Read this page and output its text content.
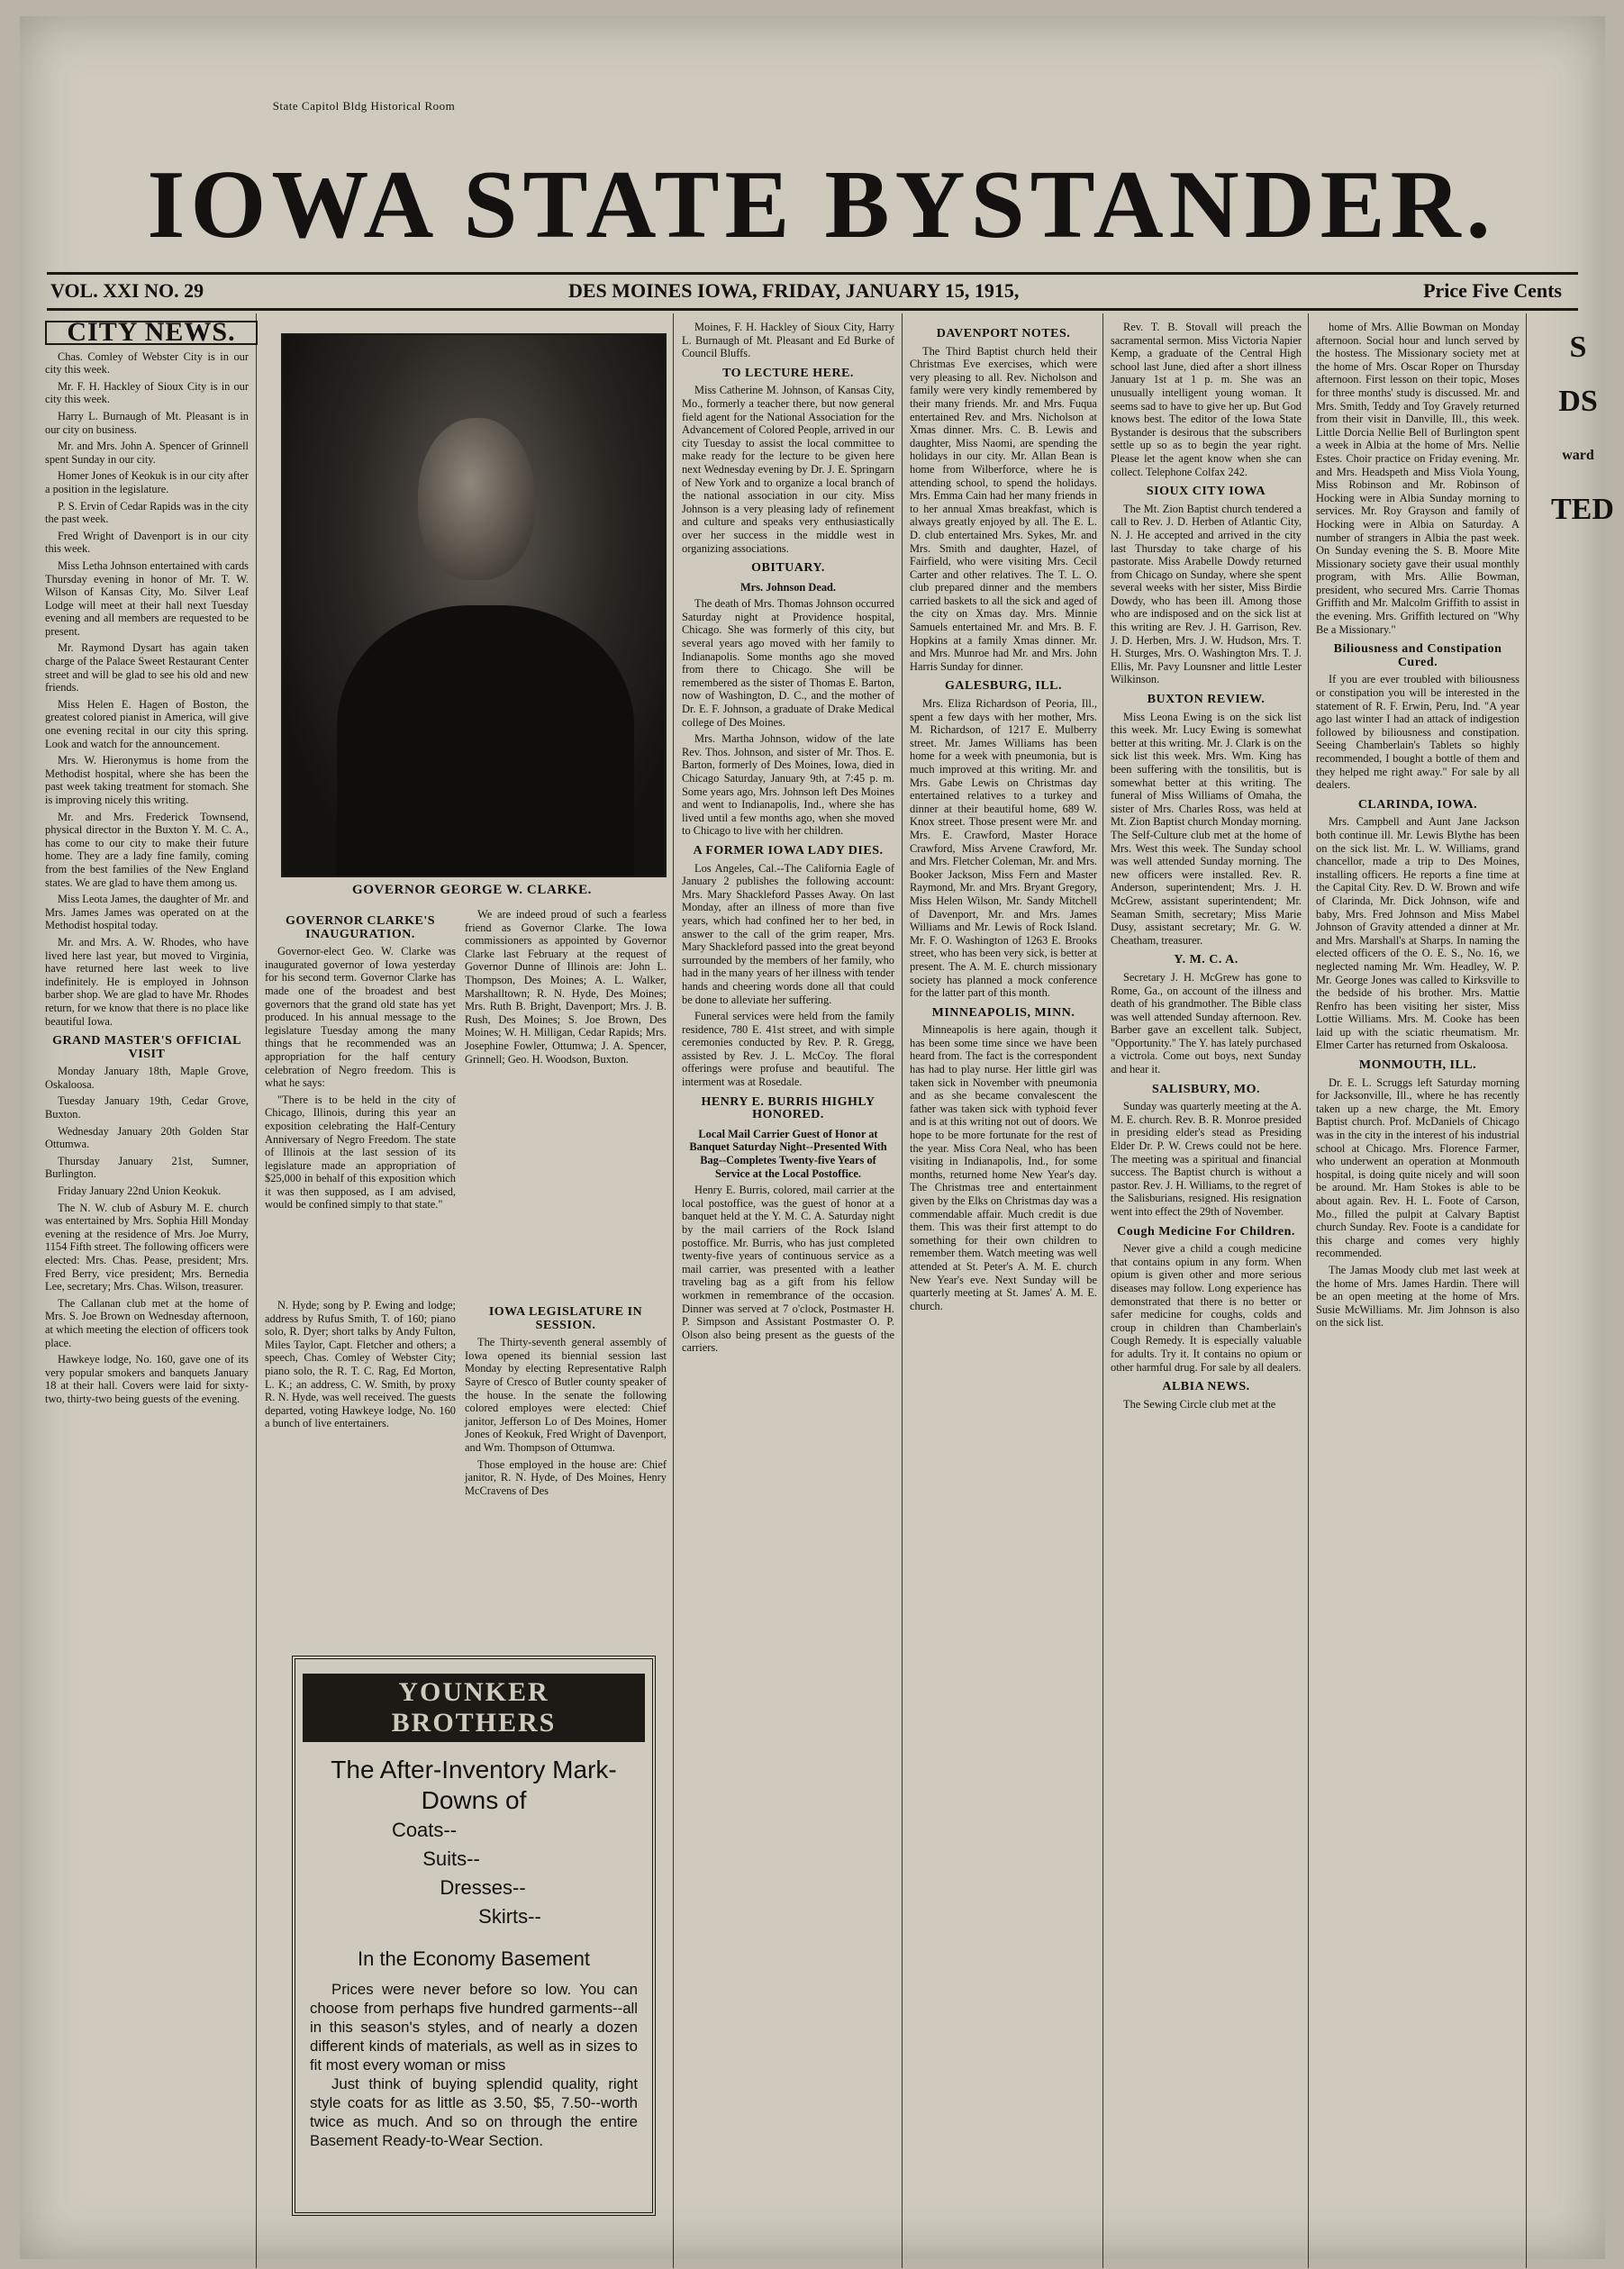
State Capitol Bldg Historical Room
IOWA STATE BYSTANDER.
VOL. XXI NO. 29	DES MOINES IOWA, FRIDAY, JANUARY 15, 1915,	Price Five Cents
CITY NEWS.

Chas. Comley of Webster City is in our city this week.

Mr. F. H. Hackley of Sioux City is in our city this week.

Harry L. Burnaugh of Mt. Pleasant is in our city on business.

Mr. and Mrs. John A. Spencer of Grinnell spent Sunday in our city.

Homer Jones of Keokuk is in our city after a position in the legislature.

P. S. Ervin of Cedar Rapids was in the city the past week.

Fred Wright of Davenport is in our city this week.

Miss Letha Johnson entertained with cards Thursday evening in honor of Mr. T. W. Wilson of Kansas City, Mo. Silver Leaf Lodge will meet at their hall next Tuesday evening and all members are requested to be present.

Mr. Raymond Dysart has again taken charge of the Palace Sweet Restaurant Center street and will be glad to see his old and new friends.

Miss Helen E. Hagen of Boston, the greatest colored pianist in America, will give one evening recital in our city this spring. Look and watch for the announcement.

Mrs. W. Hieronymus is home from the Methodist hospital, where she has been the past week taking treatment for stomach. She is improving nicely this writing.

Mr. and Mrs. Frederick Townsend, physical director in the Buxton Y. M. C. A., has come to our city to make their future home. They are a lady fine family, coming from the best families of the New England states. We are glad to have them among us.

Miss Leota James, the daughter of Mr. and Mrs. James James was operated on at the Methodist hospital today.

Mr. and Mrs. A. W. Rhodes, who have lived here last year, but moved to Virginia, have returned here last week to live indefinitely. He is employed in Johnson barber shop. We are glad to have Mr. Rhodes return, for we know that there is no place like beautiful Iowa.

GRAND MASTER'S OFFICIAL VISIT

Monday January 18th, Maple Grove, Oskaloosa.

Tuesday January 19th, Cedar Grove, Buxton.

Wednesday January 20th Golden Star Ottumwa.

Thursday January 21st, Sumner, Burlington.

Friday January 22nd Union Keokuk.

The N. W. club of Asbury M. E. church was entertained by Mrs. Sophia Hill Monday evening at the residence of Mrs. Joe Murry, 1154 Fifth street. The following officers were elected: Mrs. Chas. Pease, president; Mrs. Fred Berry, vice president; Mrs. Bernedia Lee, secretary; Mrs. Chas. Wilson, treasurer.

The Callanan club met at the home of Mrs. S. Joe Brown on Wednesday afternoon, at which meeting the election of officers took place.

Hawkeye lodge, No. 160, gave one of its very popular smokers and banquets January 18 at their hall. Covers were laid for sixty-two, thirty-two being guests of the evening.

GOVERNOR GEORGE W. CLARKE.

GOVERNOR CLARKE'S INAUGURATION.

Governor-elect Geo. W. Clarke was inaugurated governor of Iowa yesterday for his second term. Governor Clarke has made one of the broadest and best governors that the grand old state has yet produced. In his annual message to the legislature Tuesday among the many things that he recommended was an appropriation for the half century celebration of Negro freedom. This is what he says:

"There is to be held in the city of Chicago, Illinois, during this year an exposition celebrating the Half-Century Anniversary of Negro Freedom. The state of Illinois at the last session of its legislature made an appropriation of $25,000 in behalf of this exposition which it was then supposed, as I am advised, would be confined simply to that state."

N. Hyde; song by P. Ewing and lodge; address by Rufus Smith, T. of 160; piano solo, R. Dyer; short talks by Andy Fulton, Miles Taylor, Capt. Fletcher and others; a speech, Chas. Comley of Webster City; piano solo, the R. T. C. Rag, Ed Morton, L. K.; an address, C. W. Smith, by proxy R. N. Hyde, was well received. The guests departed, voting Hawkeye lodge, No. 160 a bunch of live entertainers.

We are indeed proud of such a fearless friend as Governor Clarke. The Iowa commissioners as appointed by Governor Clarke last February at the request of Governor Dunne of Illinois are: John L. Thompson, Des Moines; A. L. Walker, Marshalltown; R. N. Hyde, Des Moines; Mrs. Ruth B. Bright, Davenport; Mrs. J. B. Rush, Des Moines; S. Joe Brown, Des Moines; W. H. Milligan, Cedar Rapids; Mrs. Josephine Fowler, Ottumwa; J. A. Spencer, Grinnell; Geo. H. Woodson, Buxton.

IOWA LEGISLATURE IN SESSION.

The Thirty-seventh general assembly of Iowa opened its biennial session last Monday by electing Representative Ralph Sayre of Cresco of Butler county speaker of the house. In the senate the following colored employes were elected: Chief janitor, Jefferson Lo of Des Moines, Homer Jones of Keokuk, Fred Wright of Davenport, and Wm. Thompson of Ottumwa.

Those employed in the house are: Chief janitor, R. N. Hyde, of Des Moines, Henry McCravens of Des

YOUNKER BROTHERS
The After-Inventory Mark-Downs of
Coats--
Suits--
Dresses--
Skirts--
In the Economy Basement

Prices were never before so low. You can choose from perhaps five hundred garments--all in this season's styles, and of nearly a dozen different kinds of materials, as well as in sizes to fit most every woman or miss

Just think of buying splendid quality, right style coats for as little as 3.50, $5, 7.50--worth twice as much. And so on through the entire Basement Ready-to-Wear Section.

Moines, F. H. Hackley of Sioux City, Harry L. Burnaugh of Mt. Pleasant and Ed Burke of Council Bluffs.

TO LECTURE HERE.

Miss Catherine M. Johnson, of Kansas City, Mo., formerly a teacher there, but now general field agent for the National Association for the Advancement of Colored People, arrived in our city Tuesday to assist the local committee to make ready for the lecture to be given here next Wednesday evening by Dr. J. E. Springarn of New York and to organize a local branch of the national association in our city. Miss Johnson is a very pleasing lady of refinement and culture and speaks very enthusiastically over her success in the middle west in organizing associations.

OBITUARY.

Mrs. Johnson Dead.

The death of Mrs. Thomas Johnson occurred Saturday night at Providence hospital, Chicago. She was formerly of this city, but several years ago moved with her family to Indianapolis. Some months ago she moved from there to Chicago. She will be remembered as the sister of Thomas E. Barton, now of Washington, D. C., and the mother of Dr. E. F. Johnson, a graduate of Drake Medical college of Des Moines.

Mrs. Martha Johnson, widow of the late Rev. Thos. Johnson, and sister of Mr. Thos. E. Barton, formerly of Des Moines, Iowa, died in Chicago Saturday, January 9th, at 7:45 p. m. Some years ago, Mrs. Johnson left Des Moines and went to Indianapolis, Ind., where she has lived until a few months ago, when she moved to Chicago to live with her children.

A FORMER IOWA LADY DIES.

Los Angeles, Cal.--The California Eagle of January 2 publishes the following account: Mrs. Mary Shackleford Passes Away. On last Monday, after an illness of more than five years, which had confined her to her bed, in answer to the call of the grim reaper, Mrs. Mary Shackleford passed into the great beyond surrounded by the members of her family, who had in the many years of her illness with tender hands and cheering words done all that could be done to alleviate her suffering.

Funeral services were held from the family residence, 780 E. 41st street, and with simple ceremonies conducted by Rev. P. R. Gregg, assisted by Rev. J. L. McCoy. The floral offerings were profuse and beautiful. The interment was at Rosedale.

HENRY E. BURRIS HIGHLY HONORED.

Local Mail Carrier Guest of Honor at Banquet Saturday Night--Presented With Bag--Completes Twenty-five Years of Service at the Local Postoffice.

Henry E. Burris, colored, mail carrier at the local postoffice, was the guest of honor at a banquet held at the Y. M. C. A. Saturday night by the mail carriers of the Rock Island postoffice. Mr. Burris, who has just completed twenty-five years of continuous service as a mail carrier, was presented with a leather traveling bag as a gift from his fellow workmen in remembrance of the occasion. Dinner was served at 7 o'clock, Postmaster H. P. Simpson and Assistant Postmaster O. P. Olson also being present as the guests of the carriers.

DAVENPORT NOTES.

The Third Baptist church held their Christmas Eve exercises, which were very pleasing to all. Rev. Nicholson and family were very kindly remembered by their many friends. Mr. and Mrs. Fuqua entertained Rev. and Mrs. Nicholson at Xmas dinner. Mrs. C. B. Lewis and daughter, Miss Naomi, are spending the holidays in our city. Mr. Allan Bean is home from Wilberforce, where he is attending school, to spend the holidays. Mrs. Emma Cain had her many friends in to her annual Xmas breakfast, which is always greatly enjoyed by all. The E. L. D. club entertained Mrs. Sykes, Mr. and Mrs. Smith and daughter, Hazel, of Fairfield, who were visiting Mrs. Cecil Carter and other relatives. The T. L. O. club prepared dinner and the members carried baskets to all the sick and aged of the city on Xmas day. Mrs. Minnie Samuels entertained Mr. and Mrs. B. F. Hopkins at a family Xmas dinner. Mr. and Mrs. Munroe had Mr. and Mrs. John Harris Sunday for dinner.

GALESBURG, ILL.

Mrs. Eliza Richardson of Peoria, Ill., spent a few days with her mother, Mrs. M. Richardson, of 1217 E. Mulberry street. Mr. James Williams has been home for a week with pneumonia, but is much improved at this writing. Mr. and Mrs. Gabe Lewis on Christmas day entertained relatives to a turkey and dinner at their beautiful home, 689 W. Knox street. Those present were Mr. and Mrs. E. Crawford, Master Horace Crawford, Miss Arvene Crawford, Mr. and Mrs. Fletcher Coleman, Mr. and Mrs. Booker Jackson, Miss Fern and Master Raymond, Mr. and Mrs. Bryant Gregory, Miss Helen Wilson, Mr. Sandy Mitchell of Davenport, Mr. and Mrs. James Williams and Mr. Lewis of Rock Island. Mr. F. O. Washington of 1263 E. Brooks street, who has been very sick, is better at present. The A. M. E. church missionary society has planned a mock conference for the latter part of this month.

MINNEAPOLIS, MINN.

Minneapolis is here again, though it has been some time since we have been heard from. The fact is the correspondent has had to play nurse. Her little girl was taken sick in November with pneumonia and as she became convalescent the father was taken sick with typhoid fever and is at this writing not out of doors. We hope to be more fortunate for the rest of the year. Miss Cora Neal, who has been visiting in Indianapolis, Ind., for some months, returned home New Year's day. The Christmas tree and entertainment given by the Elks on Christmas day was a commendable affair. Much credit is due them. This was their first attempt to do something for their own children to remember them. Watch meeting was well attended at St. Peter's A. M. E. church New Year's eve. Next Sunday will be quarterly meeting at St. James' A. M. E. church.

Rev. T. B. Stovall will preach the sacramental sermon. Miss Victoria Napier Kemp, a graduate of the Central High school last June, died after a short illness January 1st at 1 p. m. She was an unusually intelligent young woman. It seems sad to have to give her up. But God knows best. The editor of the Iowa State Bystander is desirous that the subscribers settle up so as to begin the year right. Please let the agent know when she can collect. Telephone Colfax 242.

SIOUX CITY IOWA

The Mt. Zion Baptist church tendered a call to Rev. J. D. Herben of Atlantic City, N. J. He accepted and arrived in the city last Thursday to take charge of his pastorate. Miss Arabelle Dowdy returned from Chicago on Sunday, where she spent several weeks with her sister, Miss Birdie Dowdy, who has been ill. Among those who are indisposed and on the sick list at this writing are Rev. J. H. Garrison, Rev. J. D. Herben, Mrs. J. W. Hudson, Mrs. T. H. Sturges, Mrs. O. Washington Mrs. T. J. Ellis, Mr. Pavy Lounsner and little Lester Wilkinson.

BUXTON REVIEW.

Miss Leona Ewing is on the sick list this week. Mr. Lucy Ewing is somewhat better at this writing. Mr. J. Clark is on the sick list this week. Mrs. Wm. King has been suffering with the tonsilitis, but is somewhat better at this writing. The funeral of Miss Williams of Omaha, the sister of Mrs. Charles Ross, was held at Mt. Zion Baptist church Monday morning. The Self-Culture club met at the home of Mrs. West this week. The Sunday school was well attended Sunday morning. The new officers were installed. Rev. R. Anderson, superintendent; Mrs. J. H. McGrew, assistant superintendent; Mr. Seaman Smith, secretary; Miss Marie Dusy, assistant secretary; Mr. G. W. Cheatham, treasurer.

Y. M. C. A.

Secretary J. H. McGrew has gone to Rome, Ga., on account of the illness and death of his grandmother. The Bible class was well attended Sunday afternoon. Rev. Barber gave an excellent talk. Subject, "Opportunity." The Y. has lately purchased a victrola. Come out boys, next Sunday and hear it.

SALISBURY, MO.

Sunday was quarterly meeting at the A. M. E. church. Rev. B. R. Monroe presided in presiding elder's stead as Presiding Elder Dr. P. W. Crews could not be here. The meeting was a spiritual and financial success. The Baptist church is without a pastor. Rev. J. H. Williams, to the regret of the Salisburians, resigned. His resignation went into effect the 29th of November.

Cough Medicine For Children.

Never give a child a cough medicine that contains opium in any form. When opium is given other and more serious diseases may follow. Long experience has demonstrated that there is no better or safer medicine for coughs, colds and croup in children than Chamberlain's Cough Remedy. It is especially valuable for adults. Try it. It contains no opium or other harmful drug. For sale by all dealers.

ALBIA NEWS.

The Sewing Circle club met at the

home of Mrs. Allie Bowman on Monday afternoon. Social hour and lunch served by the hostess. The Missionary society met at the home of Mrs. Oscar Roper on Thursday afternoon. First lesson on their topic, Moses for three months' study is discussed. Mr. and Mrs. Smith, Teddy and Toy Gravely returned from their visit in Danville, Ill., this week. Little Dorcia Nellie Bell of Burlington spent a week in Albia at the home of Mrs. Nellie Estes. Choir practice on Friday evening. Mr. and Mrs. Headspeth and Miss Viola Young, Miss Robinson and Mr. Robinson of Hocking were in Albia Sunday morning to services. Mr. Roy Grayson and family of Hocking were in Albia on Saturday. A number of strangers in Albia the past week. On Sunday evening the S. B. Moore Mite Missionary society gave their usual monthly program, with Mrs. Allie Bowman, president, who secured Mrs. Carrie Thomas Griffith and Mr. Malcolm Griffith to assist in the evening. Mrs. Griffith lectured on "Why Be a Missionary."

Biliousness and Constipation Cured.

If you are ever troubled with biliousness or constipation you will be interested in the statement of R. F. Erwin, Peru, Ind. "A year ago last winter I had an attack of indigestion followed by biliousness and constipation. Seeing Chamberlain's Tablets so highly recommended, I bought a bottle of them and they helped me right away." For sale by all dealers.

CLARINDA, IOWA.

Mrs. Campbell and Aunt Jane Jackson both continue ill. Mr. Lewis Blythe has been on the sick list. Mr. L. W. Williams, grand chancellor, made a trip to Des Moines, installing officers. He reports a fine time at the Capital City. Rev. D. W. Brown and wife of Clarinda, Mr. Dick Johnson, wife and baby, Mrs. Fred Johnson and Miss Mabel Johnson of Gravity attended a dinner at Mr. and Mrs. Marshall's at Sharps. In naming the elected officers of the O. E. S., No. 16, we neglected naming Mr. Wm. Headley, W. P. Mr. George Jones was called to Kirksville to the bedside of his brother. Mrs. Mattie Renfro has been visiting her sister, Miss Lottie Williams. Mrs. M. Cooke has been laid up with the sciatic rheumatism. Mr. Elmer Carter has returned from Oskaloosa.

MONMOUTH, ILL.

Dr. E. L. Scruggs left Saturday morning for Jacksonville, Ill., where he has recently taken up a new charge, the Mt. Emory Baptist church. Prof. McDaniels of Chicago was in the city in the interest of his industrial school at Chicago. Mrs. Florence Farmer, who underwent an operation at Monmouth hospital, is doing quite nicely and will soon be around. Mr. Ham Stokes is able to be about again. Rev. H. L. Foote of Carson, Mo., filled the pulpit at Calvary Baptist church Sunday. Rev. Foote is a candidate for this charge and comes very highly recommended.

The Jamas Moody club met last week at the home of Mrs. James Hardin. There will be an open meeting at the home of Mrs. Susie McWilliams. Mr. Jim Johnson is also on the sick list.

S
DS
ward
TED
